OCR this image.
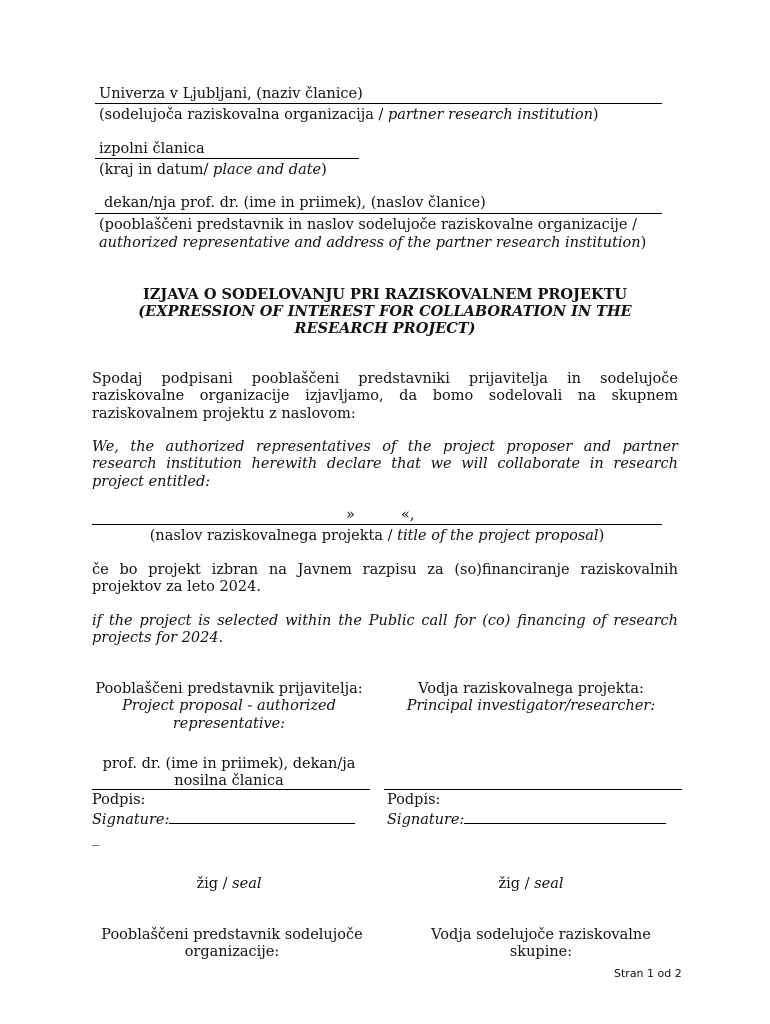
Univerza v Ljubljani, (naziv članice)
(sodelujoča raziskovalna organizacija / partner research institution)
izpolni članica
(kraj in datum/ place and date)
dekan/nja prof. dr. (ime in priimek), (naslov članice)
(pooblaščeni predstavnik in naslov sodelujoče raziskovalne organizacije / authorized representative and address of the partner research institution)
IZJAVA O SODELOVANJU PRI RAZISKOVALNEM PROJEKTU
(EXPRESSION OF INTEREST FOR COLLABORATION IN THE RESEARCH PROJECT)
Spodaj podpisani pooblaščeni predstavniki prijavitelja in sodelujoče raziskovalne organizacije izjavljamo, da bomo sodelovali na skupnem raziskovalnem projektu z naslovom:
We, the authorized representatives of the project proposer and partner research institution herewith declare that we will collaborate in research project entitled:
»          «,
(naslov raziskovalnega projekta / title of the project proposal)
če bo projekt izbran na Javnem razpisu za (so)financiranje raziskovalnih projektov za leto 2024.
if the project is selected within the Public call for (co) financing of research projects for 2024.
Pooblaščeni predstavnik prijavitelja:
Project proposal - authorized representative:
prof. dr. (ime in priimek), dekan/ja nosilna članica
Vodja raziskovalnega projekta:
Principal investigator/researcher:
Podpis:
Signature:
_
Podpis:
Signature:
žig / seal	žig / seal
Pooblaščeni predstavnik sodelujoče organizacije:
Vodja sodelujoče raziskovalne skupine:
Stran 1 od 2
